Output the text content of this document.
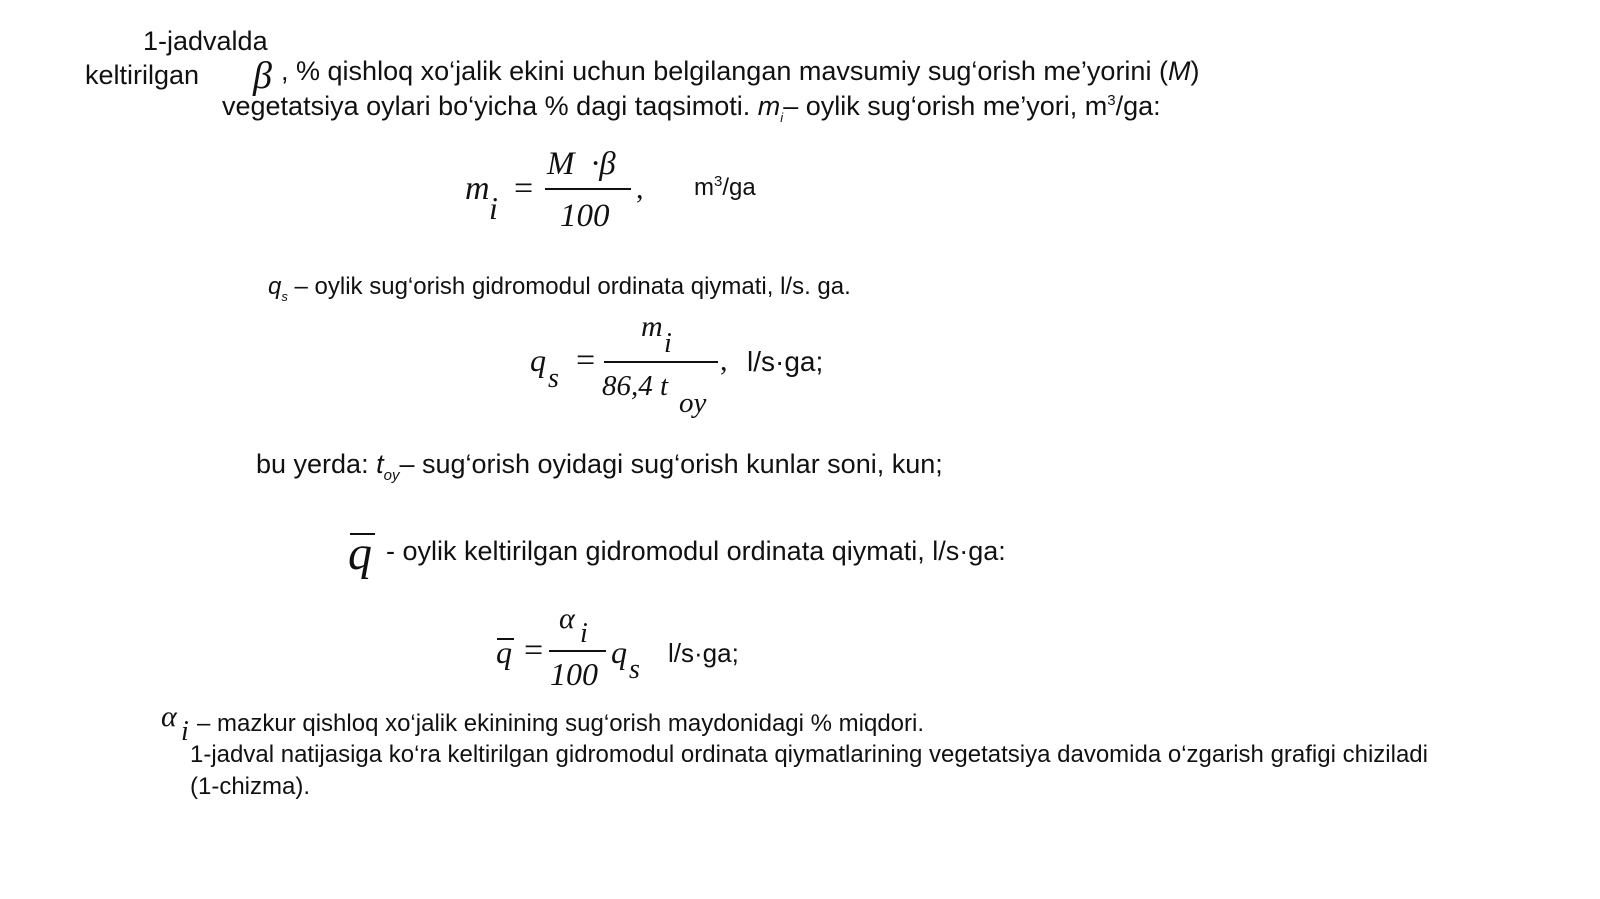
1-jadvalda
keltirilgan β , % qishloq xo‘jalik ekini uchun belgilangan mavsumiy sug‘orish me’yorini (M)
vegetatsiya oylari bo‘yicha % dagi taqsimoti. $m_i-$ oylik sug‘orish me’yori, $m^3/ga$:
m
i
=
M  ·β
100
, $m^3/ga$
$q_s$ – oylik sug‘orish gidromodul ordinata qiymati, l/s. ga.
q
s =
m
i
86,4 t
oy
, l/s·ga;
bu yerda: $t_{oy}-$ sug‘orish oyidagi sug‘orish kunlar soni, kun;
q - oylik keltirilgan gidromodul ordinata qiymati, l/s·ga:
q =
α i
100
q s
l/s·ga;
α i – mazkur qishloq xo‘jalik ekinining sug‘orish maydonidagi % miqdori.
1-jadval natijasiga ko‘ra keltirilgan gidromodul ordinata qiymatlarining vegetatsiya davomida o‘zgarish grafigi chiziladi
(1-chizma).
